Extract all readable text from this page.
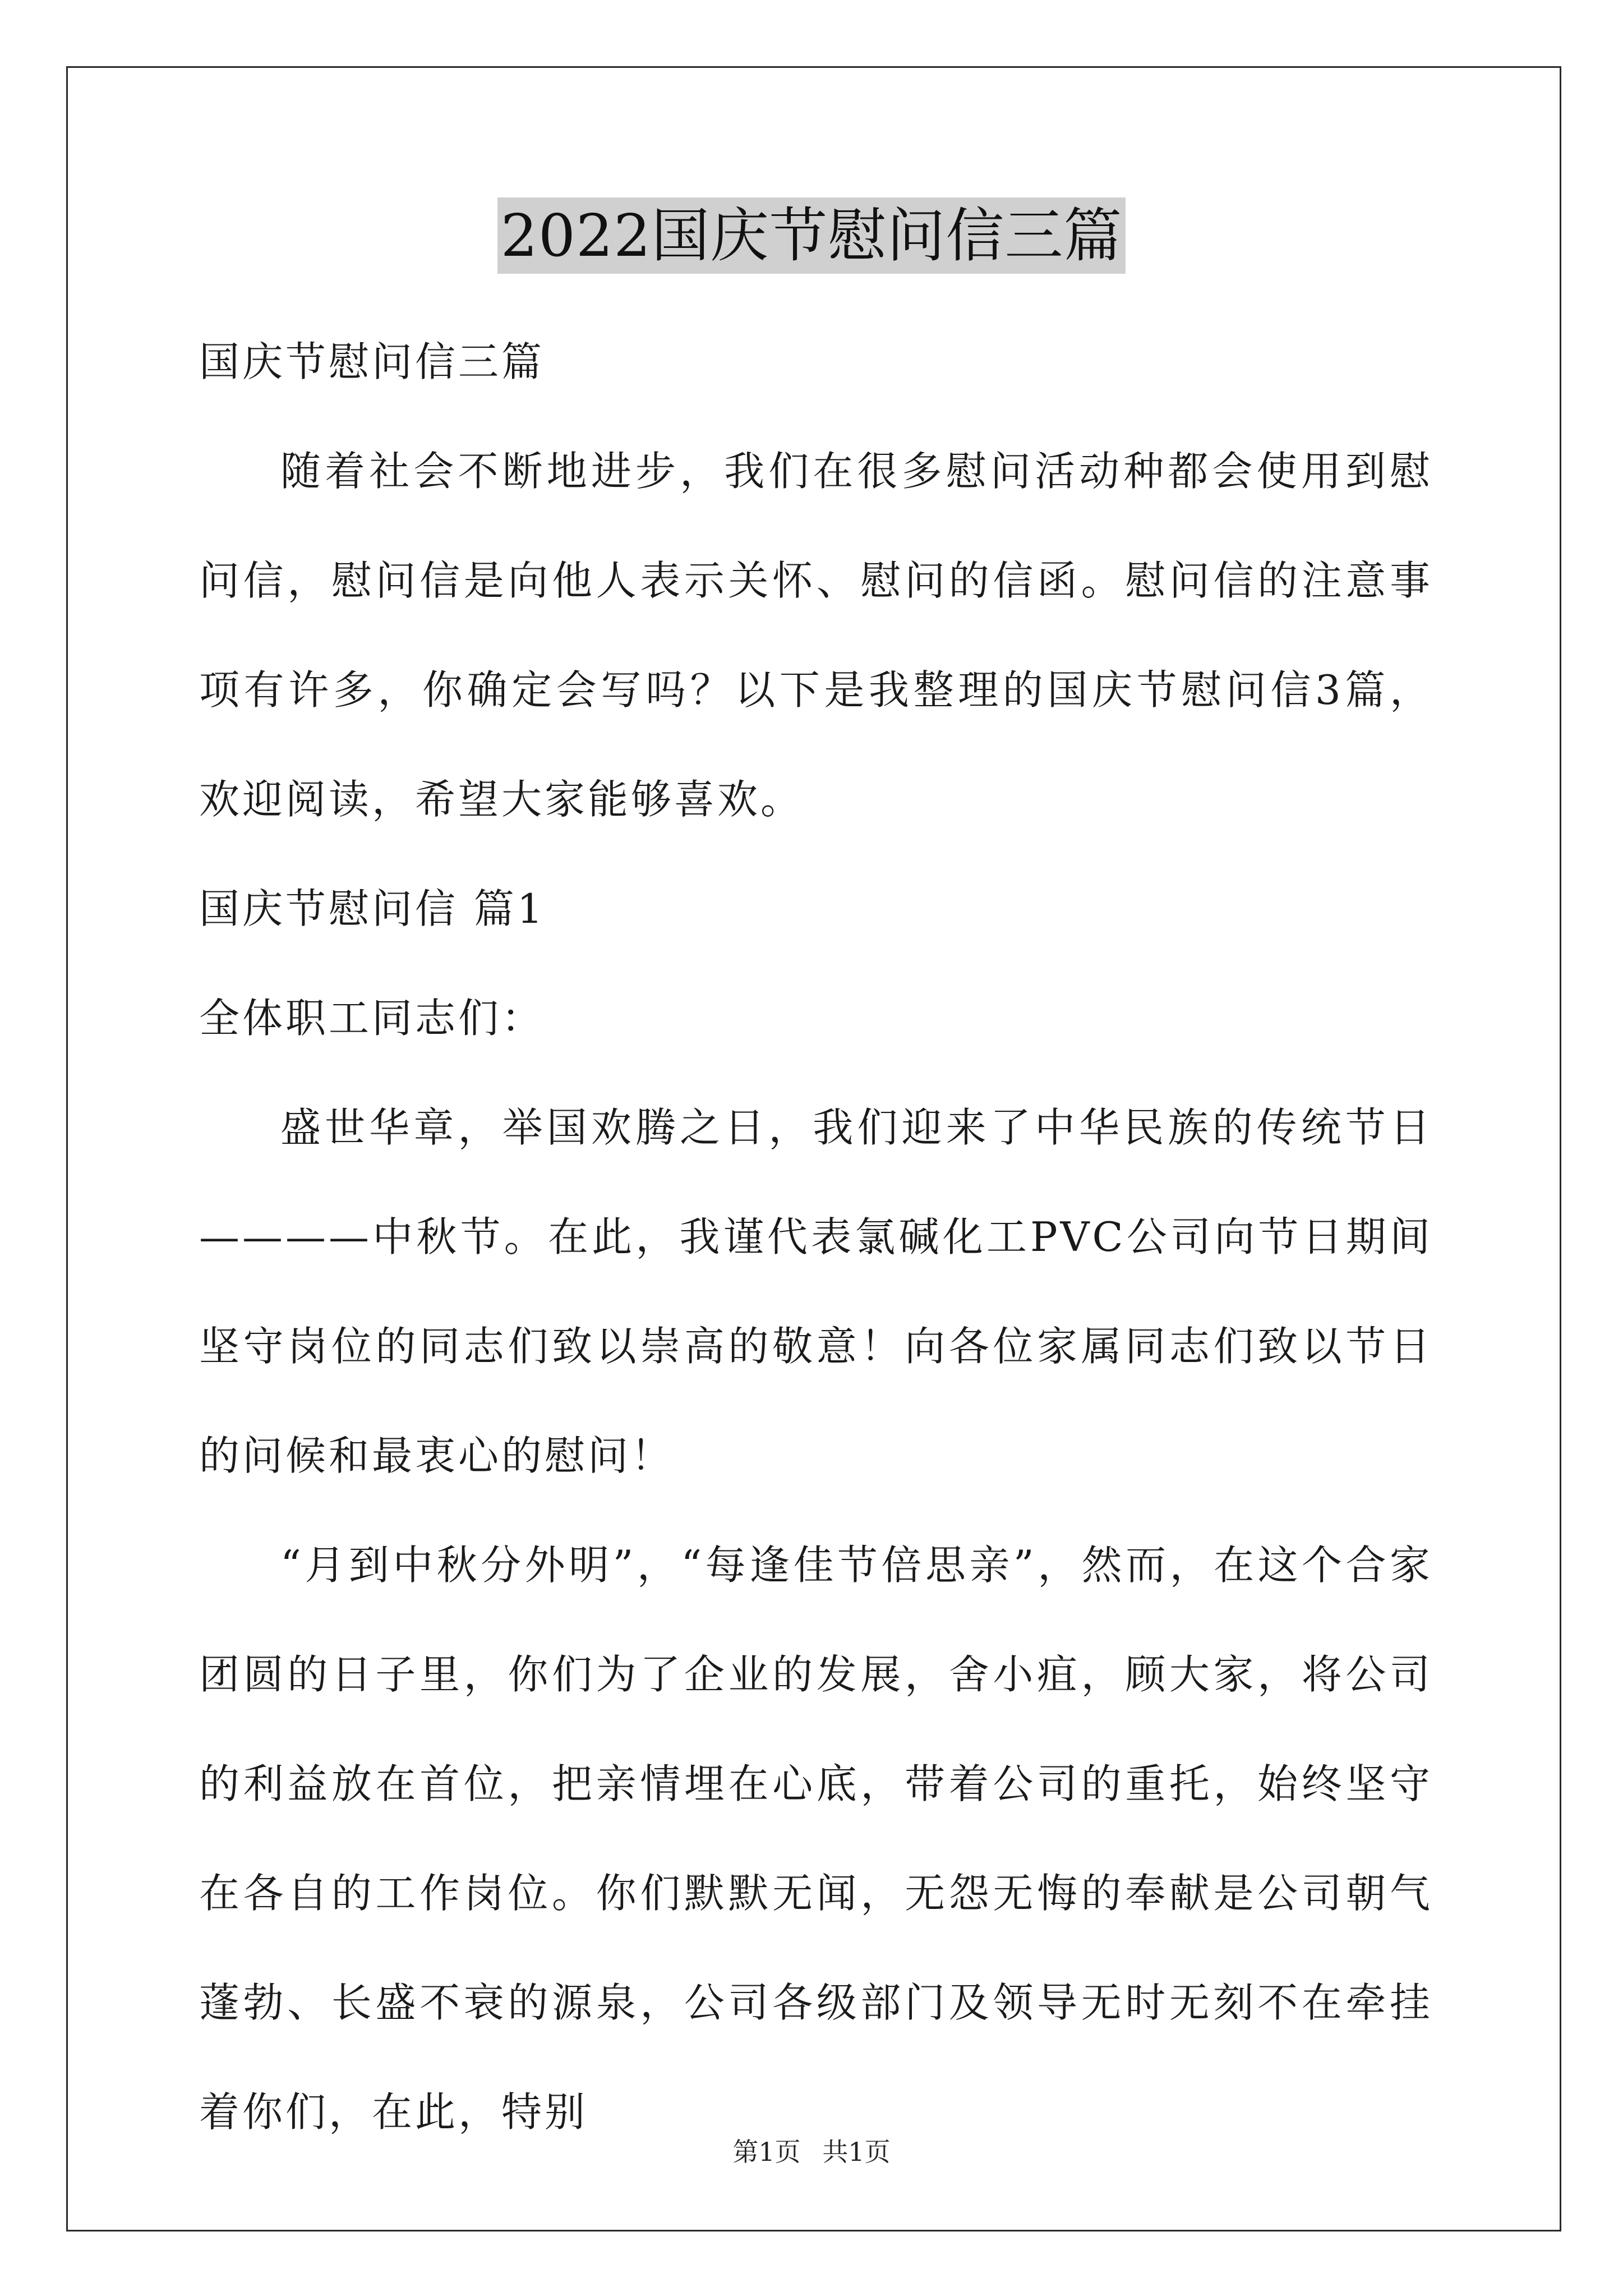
2022国庆节慰问信三篇

国庆节慰问信三篇

随着社会不断地进步，我们在很多慰问活动种都会使用到慰问信，慰问信是向他人表示关怀、慰问的信函。慰问信的注意事项有许多，你确定会写吗？以下是我整理的国庆节慰问信3篇，欢迎阅读，希望大家能够喜欢。

国庆节慰问信 篇1

全体职工同志们：

盛世华章，举国欢腾之日，我们迎来了中华民族的传统节日————中秋节。在此，我谨代表氯碱化工PVC公司向节日期间坚守岗位的同志们致以崇高的敬意！向各位家属同志们致以节日的问候和最衷心的慰问！

“月到中秋分外明”，“每逢佳节倍思亲”，然而，在这个合家团圆的日子里，你们为了企业的发展，舍小疽，顾大家，将公司的利益放在首位，把亲情埋在心底，带着公司的重托，始终坚守在各自的工作岗位。你们默默无闻，无怨无悔的奉献是公司朝气蓬勃、长盛不衰的源泉，公司各级部门及领导无时无刻不在牵挂着你们，在此，特别

第1页 共1页
